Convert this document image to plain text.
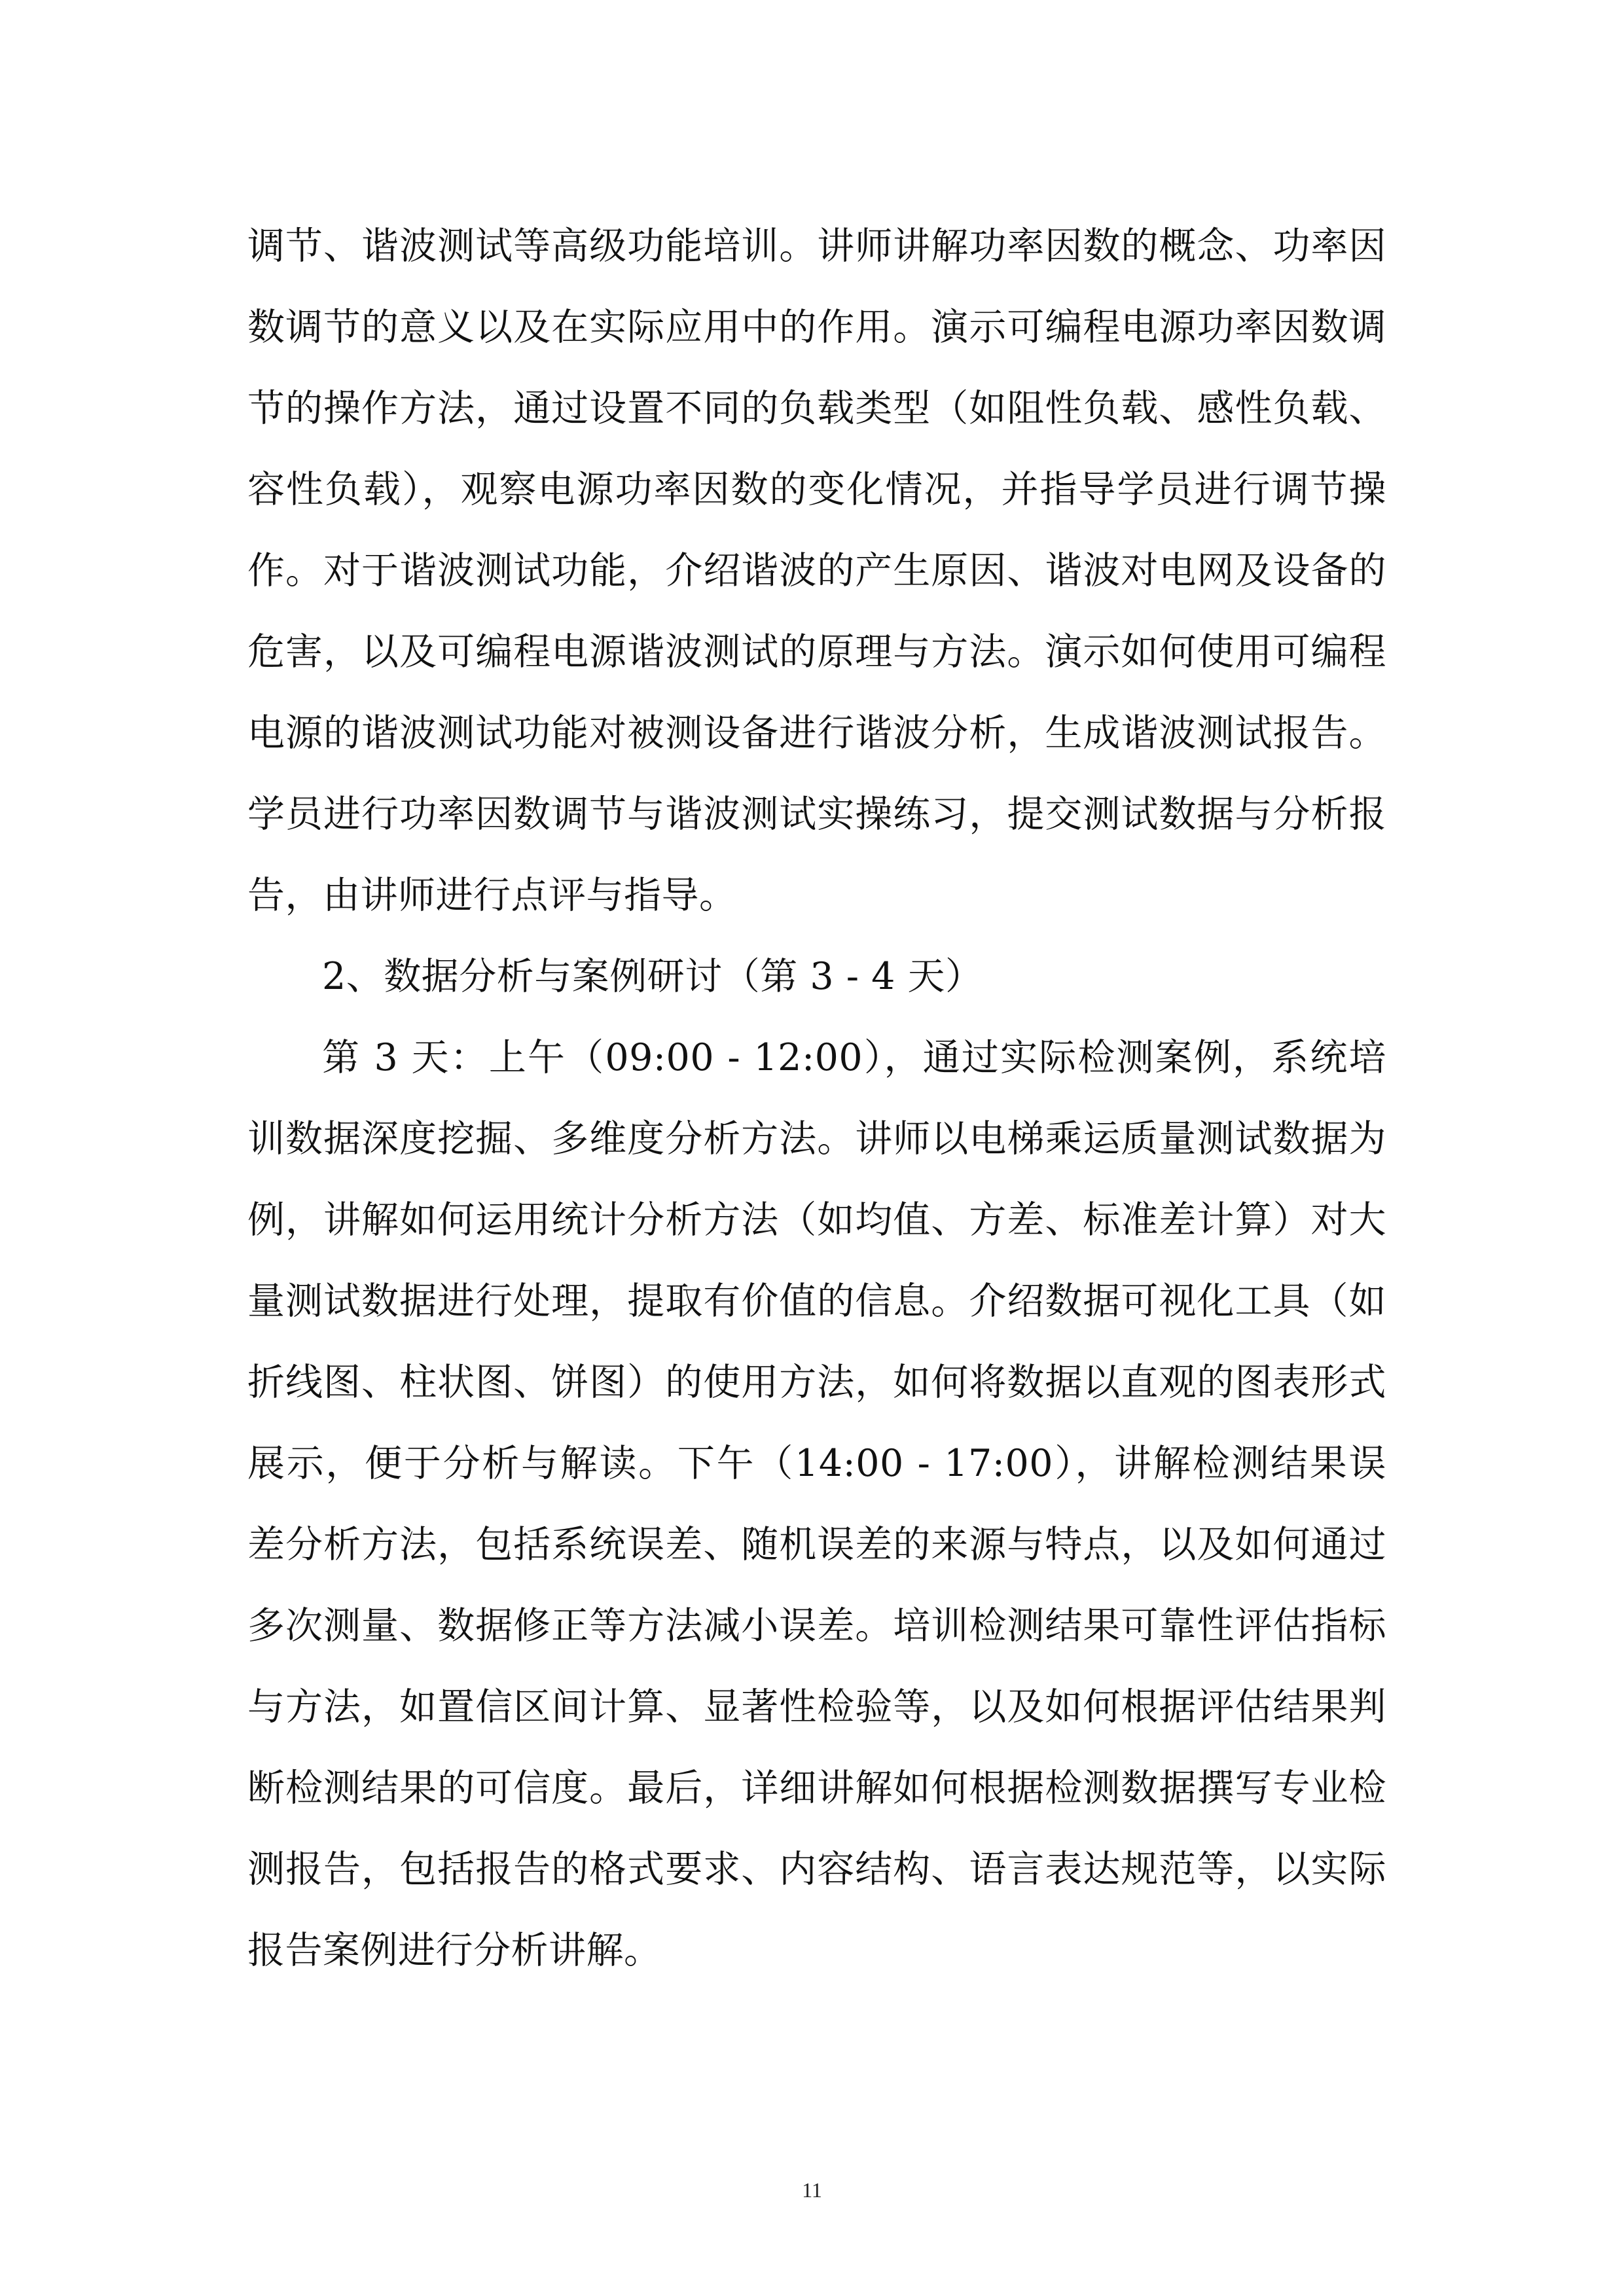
调节、谐波测试等高级功能培训。讲师讲解功率因数的概念、功率因数调节的意义以及在实际应用中的作用。演示可编程电源功率因数调节的操作方法，通过设置不同的负载类型（如阻性负载、感性负载、容性负载），观察电源功率因数的变化情况，并指导学员进行调节操作。对于谐波测试功能，介绍谐波的产生原因、谐波对电网及设备的危害，以及可编程电源谐波测试的原理与方法。演示如何使用可编程电源的谐波测试功能对被测设备进行谐波分析，生成谐波测试报告。学员进行功率因数调节与谐波测试实操练习，提交测试数据与分析报告，由讲师进行点评与指导。

2、数据分析与案例研讨（第 3 - 4 天）

第 3 天：上午（09:00 - 12:00），通过实际检测案例，系统培训数据深度挖掘、多维度分析方法。讲师以电梯乘运质量测试数据为例，讲解如何运用统计分析方法（如均值、方差、标准差计算）对大量测试数据进行处理，提取有价值的信息。介绍数据可视化工具（如折线图、柱状图、饼图）的使用方法，如何将数据以直观的图表形式展示，便于分析与解读。下午（14:00 - 17:00），讲解检测结果误差分析方法，包括系统误差、随机误差的来源与特点，以及如何通过多次测量、数据修正等方法减小误差。培训检测结果可靠性评估指标与方法，如置信区间计算、显著性检验等，以及如何根据评估结果判断检测结果的可信度。最后，详细讲解如何根据检测数据撰写专业检测报告，包括报告的格式要求、内容结构、语言表达规范等，以实际报告案例进行分析讲解。

11
